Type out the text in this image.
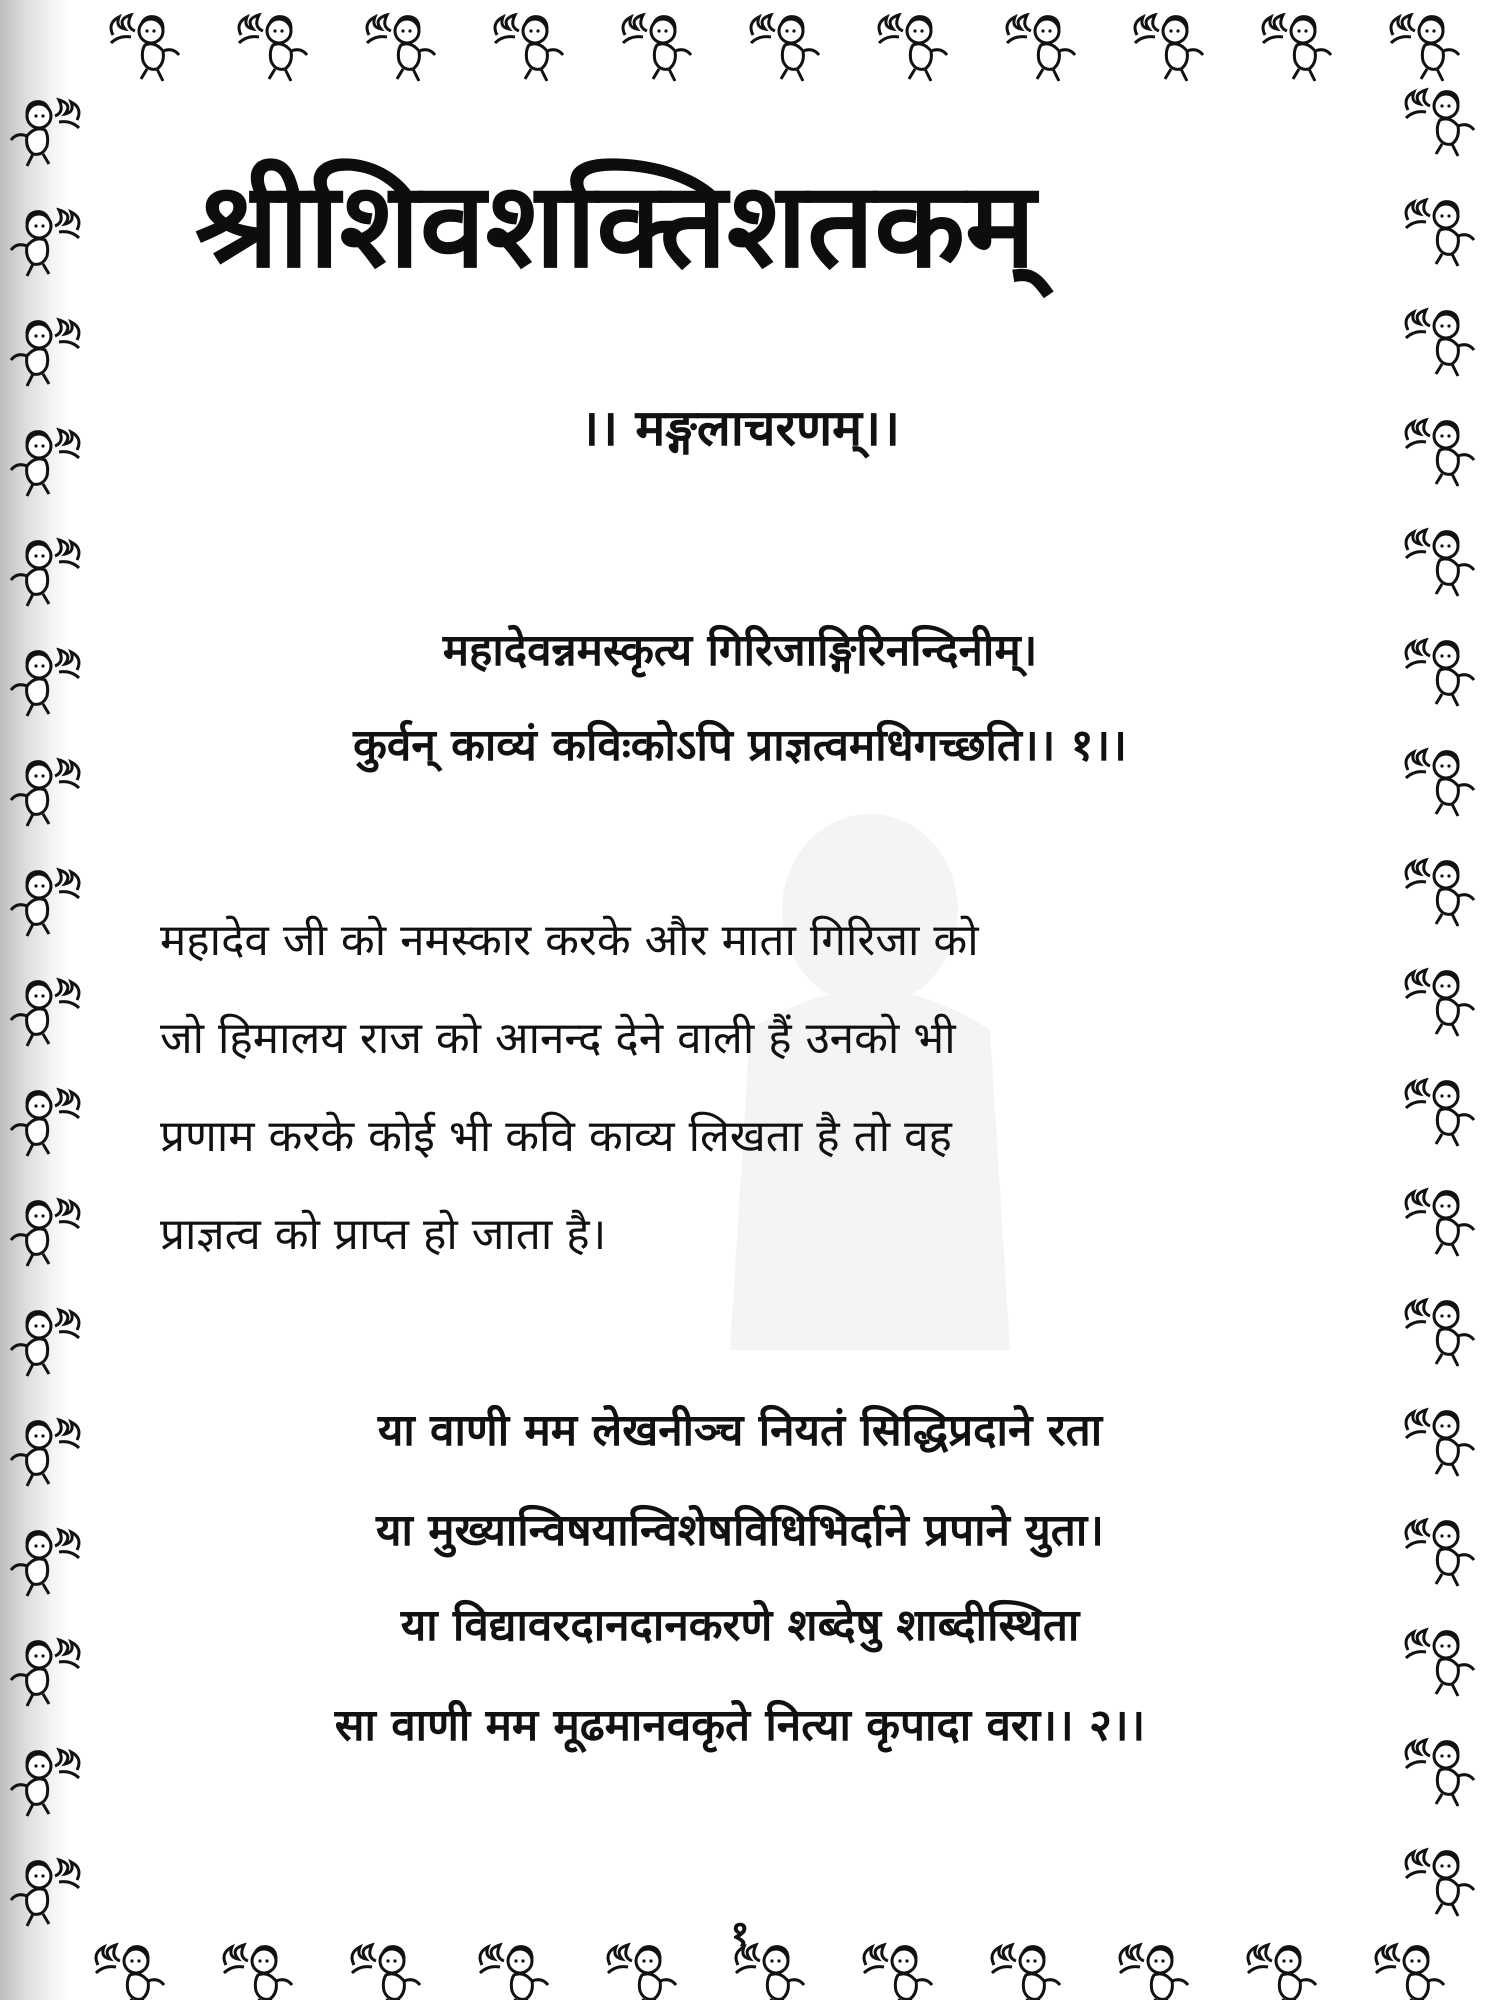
श्रीशिवशक्तिशतकम्
।। मङ्गलाचरणम्।।
महादेवन्नमस्कृत्य गिरिजाङ्गिरिनन्दिनीम्।
कुर्वन् काव्यं कविःकोऽपि प्राज्ञत्वमधिगच्छति।। १।।
महादेव जी को नमस्कार करके और माता गिरिजा को
जो हिमालय राज को आनन्द देने वाली हैं उनको भी
प्रणाम करके कोई भी कवि काव्य लिखता है तो वह
प्राज्ञत्व को प्राप्त हो जाता है।
या वाणी मम लेखनीञ्च नियतं सिद्धिप्रदाने रता
या मुख्यान्विषयान्विशेषविधिभिर्दाने प्रपाने युता।
या विद्यावरदानदानकरणे शब्देषु शाब्दीस्थिता
सा वाणी मम मूढमानवकृते नित्या कृपादा वरा।। २।।
१
